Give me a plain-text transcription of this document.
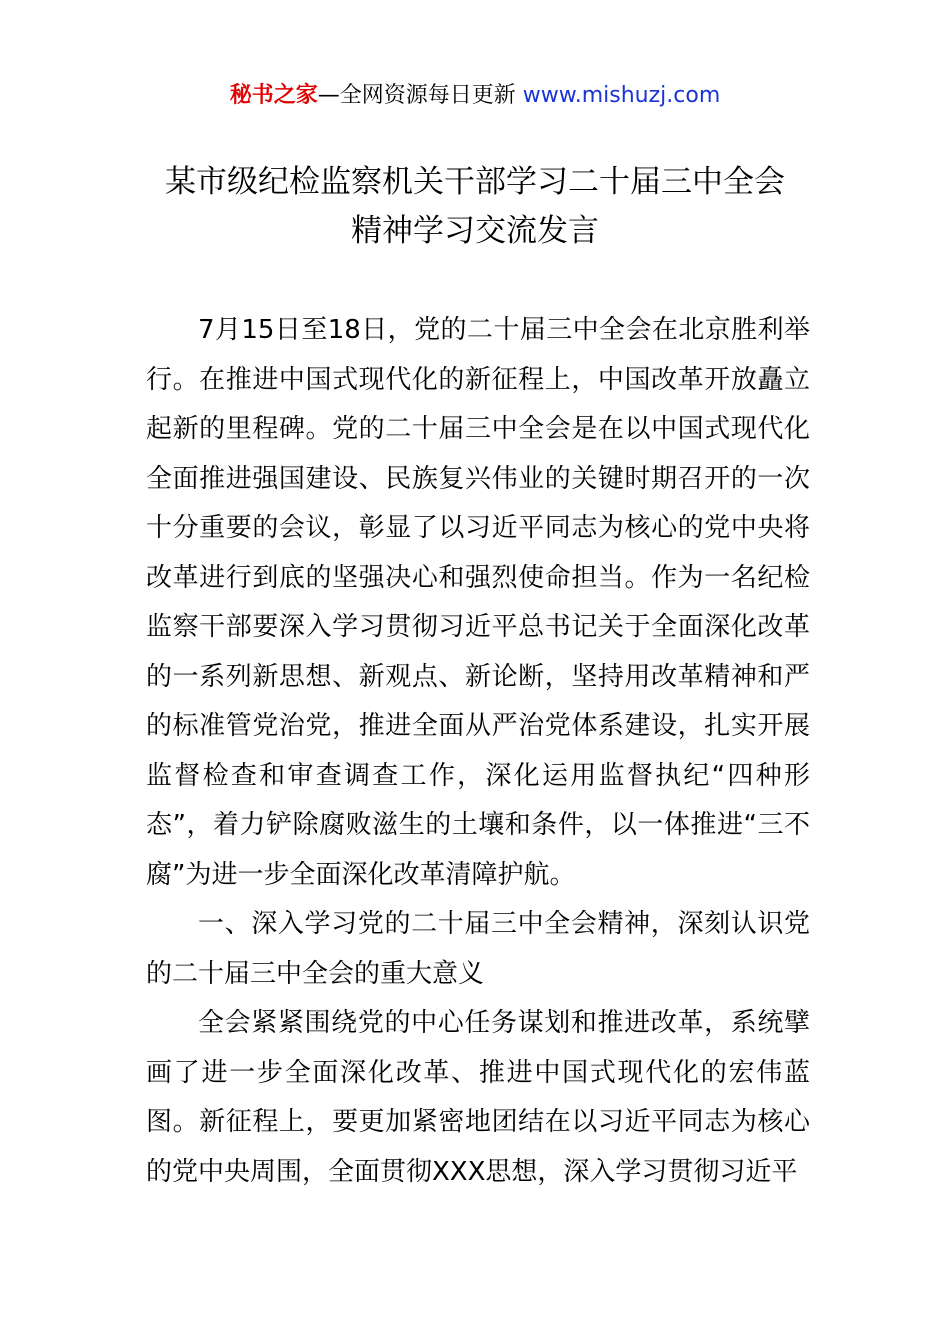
秘书之家—全网资源每日更新 www.mishuzj.com
某市级纪检监察机关干部学习二十届三中全会
精神学习交流发言

7月15日至18日，党的二十届三中全会在北京胜利举行。在推进中国式现代化的新征程上，中国改革开放矗立起新的里程碑。党的二十届三中全会是在以中国式现代化全面推进强国建设、民族复兴伟业的关键时期召开的一次十分重要的会议，彰显了以习近平同志为核心的党中央将改革进行到底的坚强决心和强烈使命担当。作为一名纪检监察干部要深入学习贯彻习近平总书记关于全面深化改革的一系列新思想、新观点、新论断，坚持用改革精神和严的标准管党治党，推进全面从严治党体系建设，扎实开展监督检查和审查调查工作，深化运用监督执纪“四种形态”，着力铲除腐败滋生的土壤和条件，以一体推进“三不腐”为进一步全面深化改革清障护航。

一、深入学习党的二十届三中全会精神，深刻认识党的二十届三中全会的重大意义

全会紧紧围绕党的中心任务谋划和推进改革，系统擘画了进一步全面深化改革、推进中国式现代化的宏伟蓝图。新征程上，要更加紧密地团结在以习近平同志为核心的党中央周围，全面贯彻XXX思想，深入学习贯彻习近平
